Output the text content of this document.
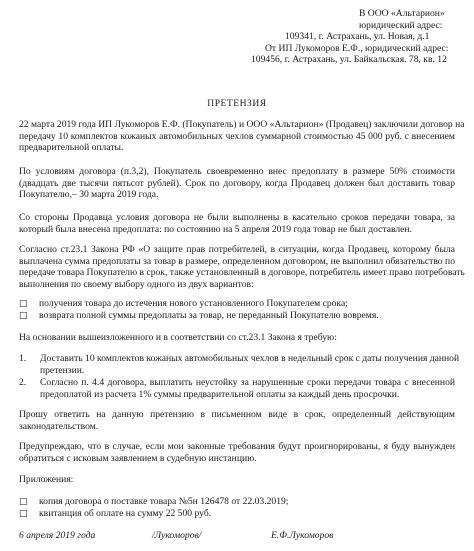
В ООО «Альтарион»
юридический адрес:
109341, г. Астрахань, ул. Новая, д.1
От ИП Лукоморов Е.Ф., юридический адрес:
109456, г. Астрахань, ул. Байкальская. 78, кв. 12
ПРЕТЕНЗИЯ
22 марта 2019 года ИП Лукоморов Е.Ф. (Покупатель) и ООО «Альтарион» (Продавец) заключили договор на
передачу 10 комплектов кожаных автомобильных чехлов суммарной стоимостью 45 000 руб. с внесением
предварительной оплаты.
По условиям договора (п.3,2), Покупатель своевременно внес предоплату в размере 50% стоимости
(двадцать две тысячи пятьсот рублей). Срок по договору, когда Продавец должен был доставить товар
Покупателю,– 30 марта 2019 года.
Со стороны Продавца условия договора не были выполнены в касательно сроков передачи товара, за
который была внесена предоплата: по состоянию на 5 апреля 2019 года товар не был доставлен.
Согласно ст.23.1 Закона РФ «О защите прав потребителей, в ситуации, когда Продавец, которому была
выплачена сумма предоплаты за товар в размере, определенном договором, не выполнил обязательство по
передаче товара Покупателю в срок, также установленный в договоре, потребитель имеет право потребовать
выполнения по своему выбору одного из двух вариантов:
□ получения товара до истечения нового установленного Покупателем срока;
□ возврата полной суммы предоплаты за товар, не переданный Покупателю вовремя.
На основании вышеизложенного и в соответствии со ст.23.1 Закона я требую:
1. Доставить 10 комплектов кожаных автомобильных чехлов в недельный срок с даты получения данной
претензии.
2. Согласно п. 4.4 договора, выплатить неустойку за нарушенные сроки передачи товара с внесенной
предоплатой из расчета 1% суммы предварительной оплаты за каждый день просрочки.
Прошу ответить на данную претензию в письменном виде в срок, определенный действующим
законодательством.
Предупреждаю, что в случае, если мои законные требования будут проигнорированы, я буду вынужден
обратиться с исковым заявлением в судебную инстанцию.
Приложения:
□ копия договора о поставке товара №5н 126478 от 22.03.2019;
□ квитанция об оплате на сумму 22 500 руб.
6 апреля 2019 года	/Лукоморов/	Е.Ф.Лукоморов
